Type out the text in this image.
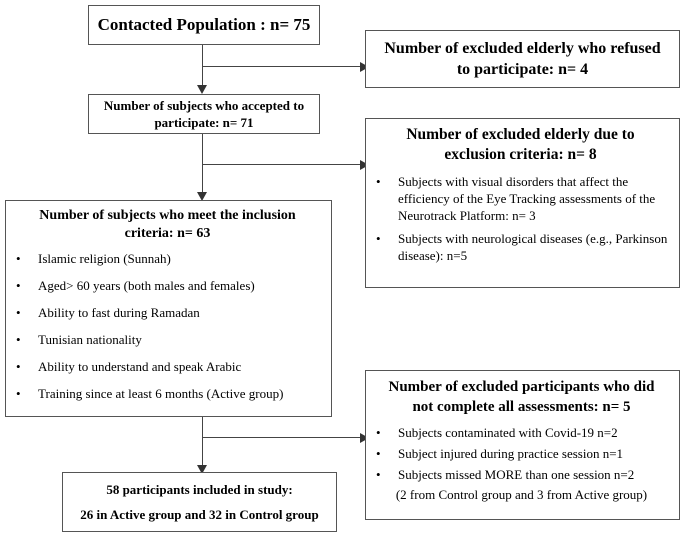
Contacted Population : n= 75
Number of excluded elderly who refused to participate: n= 4
Number of subjects who accepted to participate: n= 71
Number of excluded elderly due to exclusion criteria: n= 8
• Subjects with visual disorders that affect the efficiency of the Eye Tracking assessments of the Neurotrack Platform: n= 3
• Subjects with neurological diseases (e.g., Parkinson disease): n=5
Number of subjects who meet the inclusion criteria: n= 63
• Islamic religion (Sunnah)
• Aged> 60 years (both males and females)
• Ability to fast during Ramadan
• Tunisian nationality
• Ability to understand and speak Arabic
• Training since at least 6 months (Active group)	Number of excluded participants who did not complete all assessments: n= 5
• Subjects contaminated with Covid-19 n=2
• Subject injured during practice session n=1
• Subjects missed MORE than one session n=2
(2 from Control group and 3 from Active group)
58 participants included in study:
26 in Active group and 32 in Control group
